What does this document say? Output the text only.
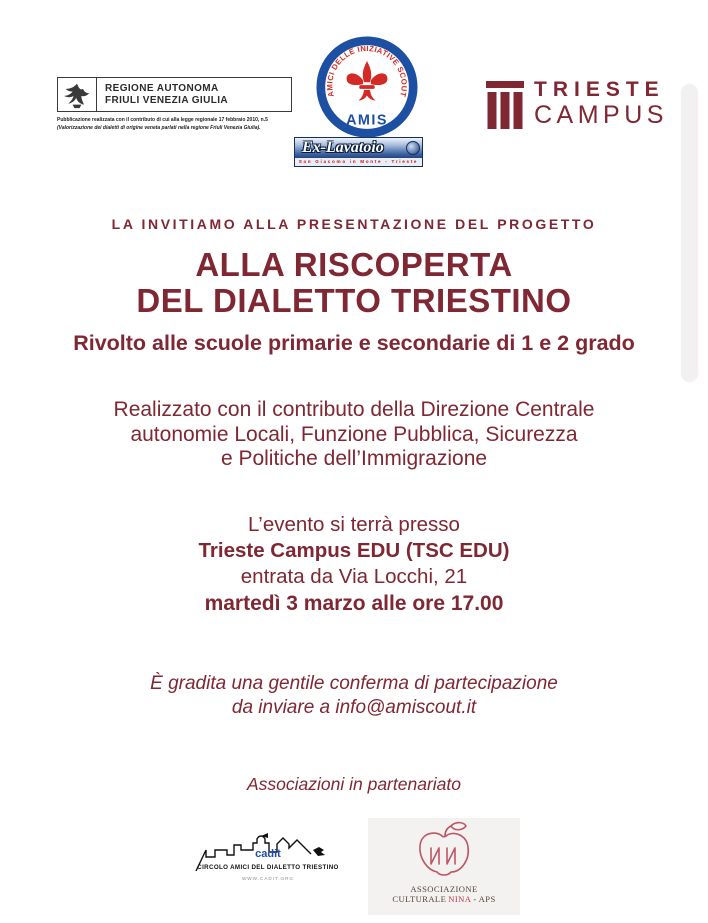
REGIONE AUTONOMA
FRIULI VENEZIA GIULIA
Pubblicazione realizzata con il contributo di cui alla legge regionale 17 febbraio 2010, n.5
(Valorizzazione dei dialetti di origine veneta parlati nella regione Friuli Venezia Giulia).
AMICI DELLE INIZIATIVE SCOUT
AMIS
Ex-Lavatoio
San Giacomo in Monte - Trieste
TRIESTE
CAMPUS
LA INVITIAMO ALLA PRESENTAZIONE DEL PROGETTO
ALLA RISCOPERTA
DEL DIALETTO TRIESTINO
Rivolto alle scuole primarie e secondarie di 1 e 2 grado
Realizzato con il contributo della Direzione Centrale
autonomie Locali, Funzione Pubblica, Sicurezza
e Politiche dell’Immigrazione
L’evento si terrà presso
Trieste Campus EDU (TSC EDU)
entrata da Via Locchi, 21
martedì 3 marzo alle ore 17.00
È gradita una gentile conferma di partecipazione
da inviare a info@amiscout.it
Associazioni in partenariato
cadit
CIRCOLO AMICI DEL DIALETTO TRIESTINO
WWW.CADIT.ORG
ASSOCIAZIONE CULTURALE NINA - APS
